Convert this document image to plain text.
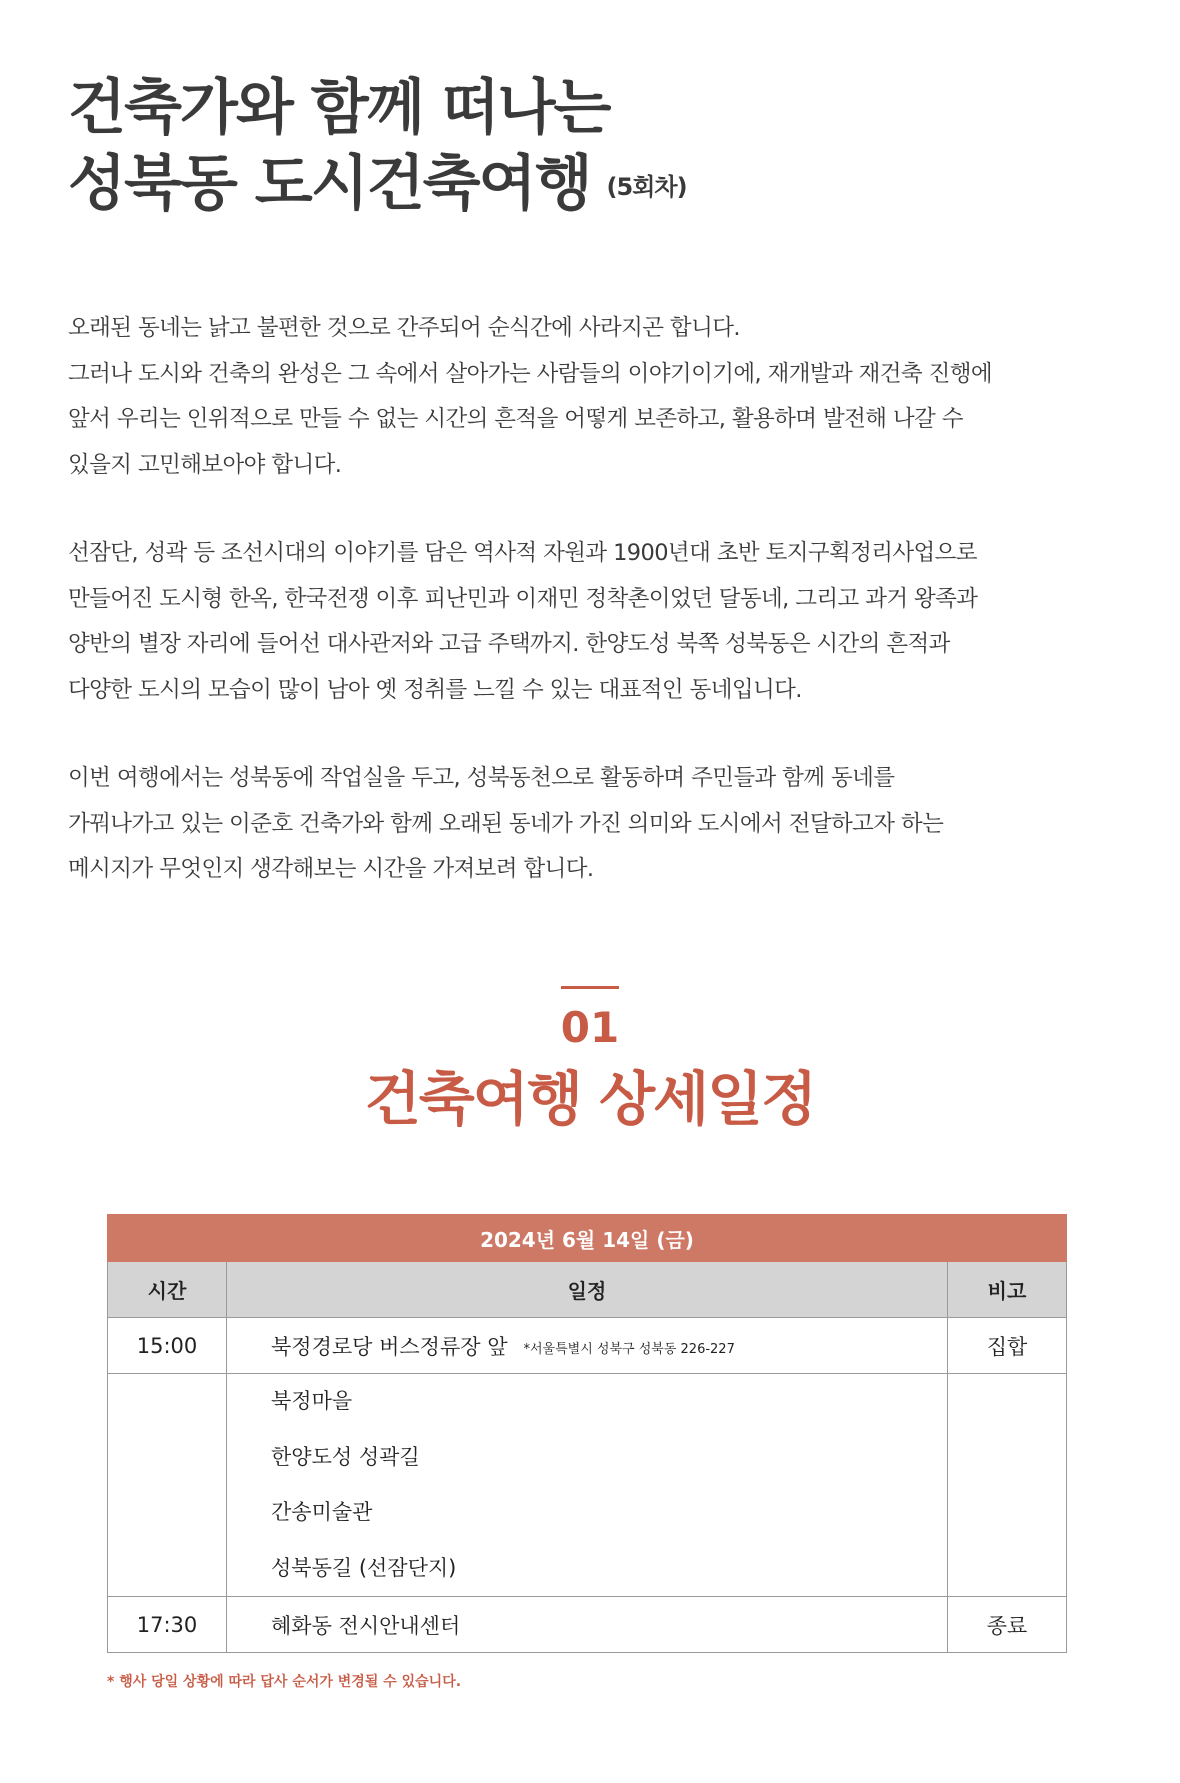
건축가와 함께 떠나는
성북동 도시건축여행 (5회차)
오래된 동네는 낡고 불편한 것으로 간주되어 순식간에 사라지곤 합니다.
그러나 도시와 건축의 완성은 그 속에서 살아가는 사람들의 이야기이기에, 재개발과 재건축 진행에
앞서 우리는 인위적으로 만들 수 없는 시간의 흔적을 어떻게 보존하고, 활용하며 발전해 나갈 수
있을지 고민해보아야 합니다.
선잠단, 성곽 등 조선시대의 이야기를 담은 역사적 자원과 1900년대 초반 토지구획정리사업으로
만들어진 도시형 한옥, 한국전쟁 이후 피난민과 이재민 정착촌이었던 달동네, 그리고 과거 왕족과
양반의 별장 자리에 들어선 대사관저와 고급 주택까지. 한양도성 북쪽 성북동은 시간의 흔적과
다양한 도시의 모습이 많이 남아 옛 정취를 느낄 수 있는 대표적인 동네입니다.
이번 여행에서는 성북동에 작업실을 두고, 성북동천으로 활동하며 주민들과 함께 동네를
가꿔나가고 있는 이준호 건축가와 함께 오래된 동네가 가진 의미와 도시에서 전달하고자 하는
메시지가 무엇인지 생각해보는 시간을 가져보려 합니다.
01
건축여행 상세일정
2024년 6월 14일 (금)		
시간	일정	비고
15:00	북정경로당 버스정류장 앞 *서울특별시 성북구 성북동 226-227	집합

	북정마을
한양도성 성곽길
간송미술관
성북동길 (선잠단지)	

17:30	혜화동 전시안내센터	종료
* 행사 당일 상황에 따라 답사 순서가 변경될 수 있습니다.
